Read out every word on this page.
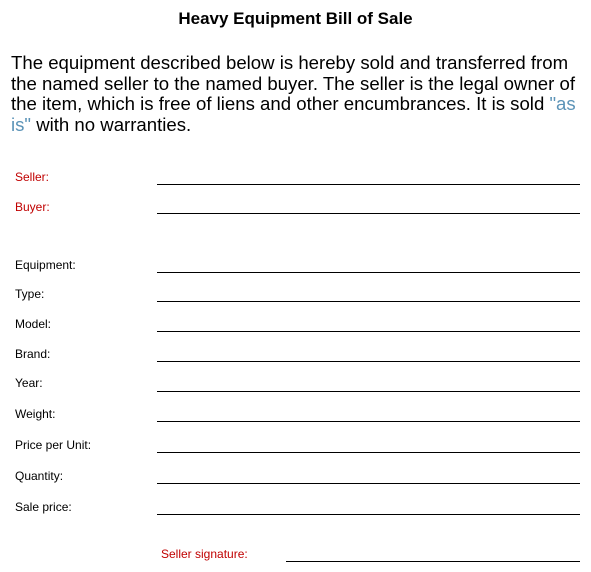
Heavy Equipment Bill of Sale
The equipment described below is hereby sold and transferred from the named seller to the named buyer. The seller is the legal owner of the item, which is free of liens and other encumbrances. It is sold "as is" with no warranties.
Seller:
Buyer:
Equipment:
Type:
Model:
Brand:
Year:
Weight:
Price per Unit:
Quantity:
Sale price:
Seller signature:
